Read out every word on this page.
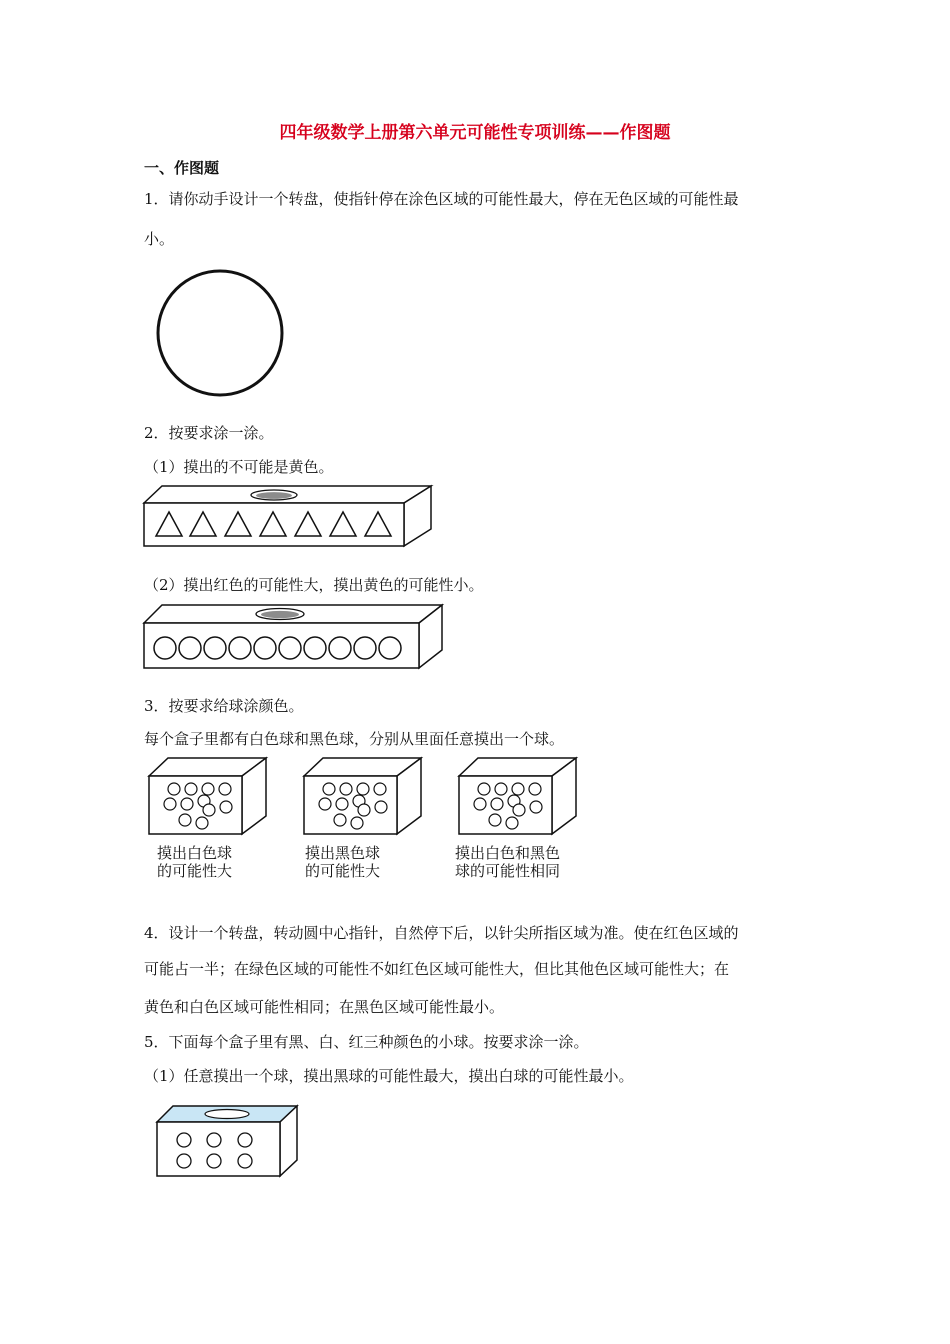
四年级数学上册第六单元可能性专项训练——作图题
一、作图题
1．请你动手设计一个转盘，使指针停在涂色区域的可能性最大，停在无色区域的可能性最
小。
2．按要求涂一涂。
（1）摸出的不可能是黄色。
（2）摸出红色的可能性大，摸出黄色的可能性小。
3．按要求给球涂颜色。
每个盒子里都有白色球和黑色球，分别从里面任意摸出一个球。
摸出白色球
的可能性大
摸出黑色球
的可能性大
摸出白色和黑色
球的可能性相同
4．设计一个转盘，转动圆中心指针，自然停下后，以针尖所指区域为准。使在红色区域的
可能占一半；在绿色区域的可能性不如红色区域可能性大，但比其他色区域可能性大；在
黄色和白色区域可能性相同；在黑色区域可能性最小。
5．下面每个盒子里有黑、白、红三种颜色的小球。按要求涂一涂。
（1）任意摸出一个球，摸出黑球的可能性最大，摸出白球的可能性最小。
